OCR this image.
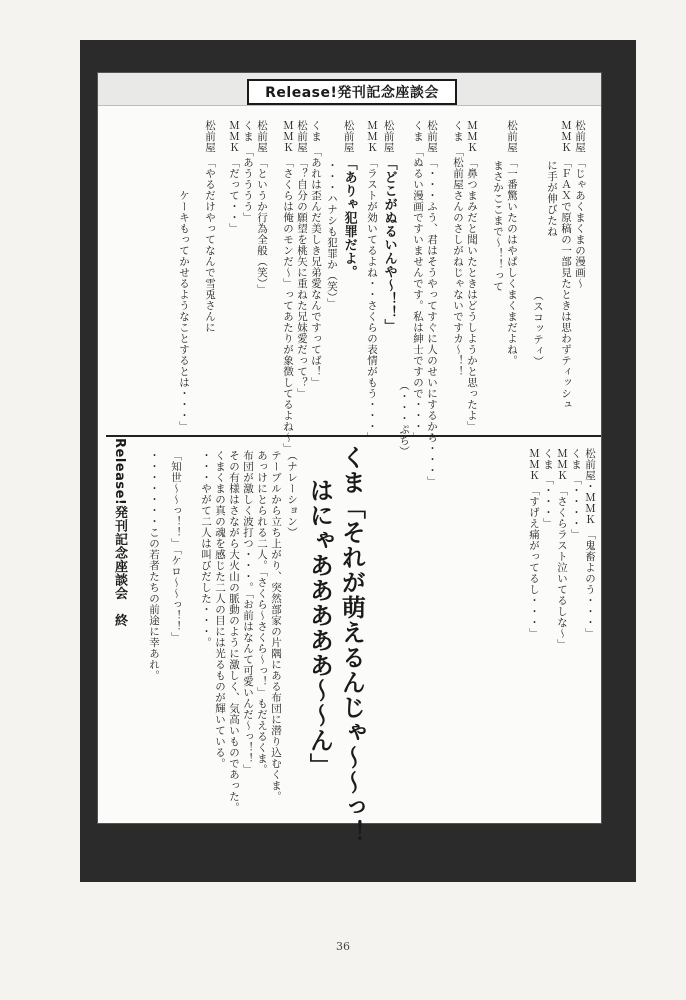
Release!発刊記念座談会
松前屋「じゃあくまくまの漫画～
ＭＭＫ「ＦＡＸで原稿の一部見たときは思わずティッシュ
に手が伸びたね
（スコッティ）
松前屋「一番驚いたのはやぱしくまくまだよね。
まさかここまで～！！って
ＭＭＫ「鼻つまみだと聞いたときはどうしようかと思ったよ」
くま「松前屋さんのさしがねじゃないですカ～！！
松前屋「・・・ふう、君はそうやってすぐに人のせいにするから・・・」
くま「ぬるい漫画ですいませんです。私は紳士ですので・・・」
（・・・ぷち）
松前屋「どこがぬるいんや～！！」
ＭＭＫ「ラストが効いてるよね・・さくらの表情がもう・・・」
松前屋「ありゃ犯罪だよ。
・・・ハナシも犯罪か（笑）」
くま「あれは歪んだ美しき兄弟愛なんですってば！」
松前屋「？自分の願望を桃矢に重ねた兄妹愛だって？」
ＭＭＫ「さくらは俺のモンだ～」ってあたりが象徴してるよね～」
松前屋「というか行為全般（笑）」
くま「あうううう」
ＭＭＫ「だって・・」
松前屋「やるだけやってなんで雪兎さんに
ケーキもってかせるようなことするとは・・・」
松前屋・ＭＭＫ「鬼畜よのう・・・」
くま「・・・・」
ＭＭＫ「さくらラスト泣いてるしな～」
くま「・・・」
ＭＭＫ「すげえ痛がってるし・・・」
くま「それが萌えるんじゃ～～っ！
はにゃあああああ～～ん」
（ナレーション）
テーブルから立ち上がり、突然部家の片隅にある布団に潜り込むくま。
あっけにとられる二人。「さくら～さくら～っ！」もだえるくま。
布団が激しく波打つ・・・。「お前はなんて可愛いんだ～っ！！」
その有様はさながら大火山の脈動のように激しく、気高いものであった。
くまくまの真の魂を感じた二人の目には光るものが輝いている。
・・・やがて二人は叫びだした・・・。
「知世～～っ！！」「ケロ～～っ！！」
・・・・・・・この若者たちの前途に幸あれ。
Release!発刊記念座談会　終
36
